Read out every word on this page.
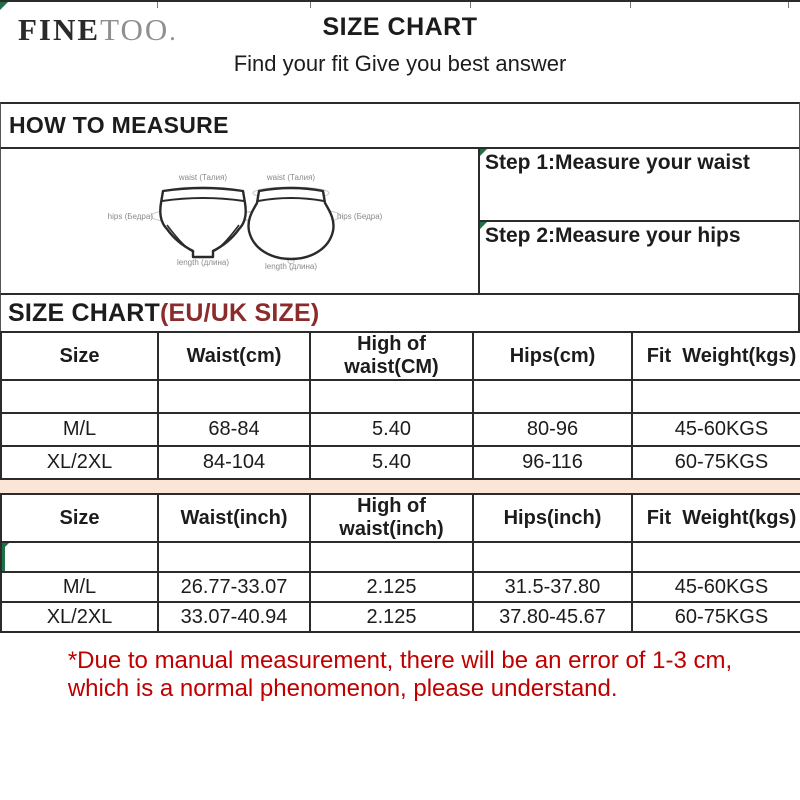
FINETOO.	SIZE CHART
Find your fit Give you best answer
HOW TO MEASURE
waist (Талия)	waist (Талия)
hips (Бедра)	hips (Бедра)
length (длина)	length (длина)
Step 1:Measure your waist
Step 2:Measure your hips
SIZE CHART(EU/UK SIZE)
Size	Waist(cm)	High of waist(CM)	Hips(cm)	Fit  Weight(kgs)

M/L	68-84	5.40	80-96	45-60KGS
XL/2XL	84-104	5.40	96-116	60-75KGS
Size	Waist(inch)	High of waist(inch)	Hips(inch)	Fit  Weight(kgs)

M/L	26.77-33.07	2.125	31.5-37.80	45-60KGS
XL/2XL	33.07-40.94	2.125	37.80-45.67	60-75KGS
*Due to manual measurement, there will be an error of 1-3 cm,
which is a normal phenomenon, please understand.
